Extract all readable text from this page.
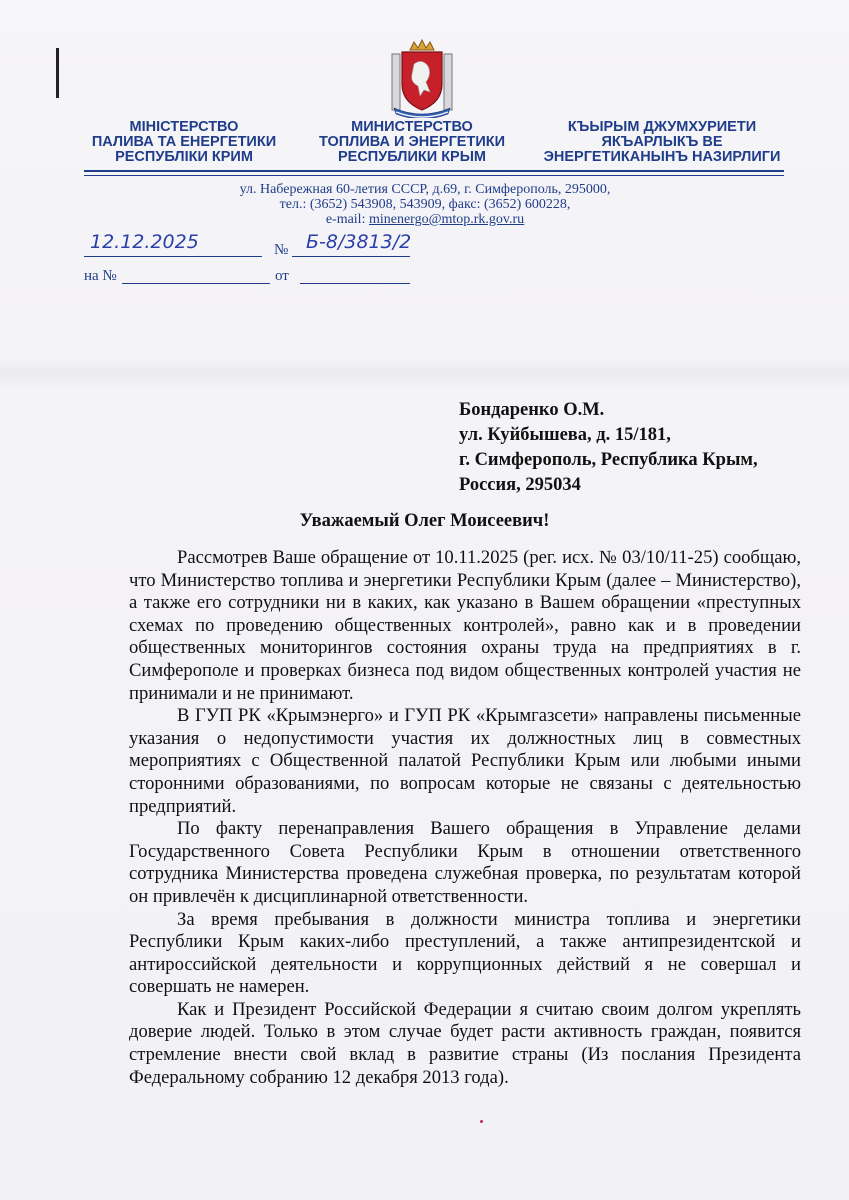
МІНІСТЕРСТВО
ПАЛИВА ТА ЕНЕРГЕТИКИ
РЕСПУБЛІКИ КРИМ
МИНИСТЕРСТВО
ТОПЛИВА И ЭНЕРГЕТИКИ
РЕСПУБЛИКИ КРЫМ
КЪЫРЫМ ДЖУМХУРИЕТИ
ЯКЪАРЛЫКЪ ВЕ
ЭНЕРГЕТИКАНЫНЪ НАЗИРЛИГИ
ул. Набережная 60-летия СССР, д.69, г. Симферополь, 295000,
тел.: (3652) 543908, 543909, факс: (3652) 600228,
e-mail: minenergo@mtop.rk.gov.ru
12.12.2025	№ Б-8/3813/2
на №	от
Бондаренко О.М.
ул. Куйбышева, д. 15/181,
г. Симферополь, Республика Крым,
Россия, 295034
Уважаемый Олег Моисеевич!

Рассмотрев Ваше обращение от 10.11.2025 (рег. исх. № 03/10/11-25) сообщаю, что Министерство топлива и энергетики Республики Крым (далее – Министерство), а также его сотрудники ни в каких, как указано в Вашем обращении «преступных схемах по проведению общественных контролей», равно как и в проведении общественных мониторингов состояния охраны труда на предприятиях в г. Симферополе и проверках бизнеса под видом общественных контролей участия не принимали и не принимают.

В ГУП РК «Крымэнерго» и ГУП РК «Крымгазсети» направлены письменные указания о недопустимости участия их должностных лиц в совместных мероприятиях с Общественной палатой Республики Крым или любыми иными сторонними образованиями, по вопросам которые не связаны с деятельностью предприятий.

По факту перенаправления Вашего обращения в Управление делами Государственного Совета Республики Крым в отношении ответственного сотрудника Министерства проведена служебная проверка, по результатам которой он привлечён к дисциплинарной ответственности.

За время пребывания в должности министра топлива и энергетики Республики Крым каких-либо преступлений, а также антипрезидентской и антироссийской деятельности и коррупционных действий я не совершал и совершать не намерен.

Как и Президент Российской Федерации я считаю своим долгом укреплять доверие людей. Только в этом случае будет расти активность граждан, появится стремление внести свой вклад в развитие страны (Из послания Президента Федеральному собранию 12 декабря 2013 года).
